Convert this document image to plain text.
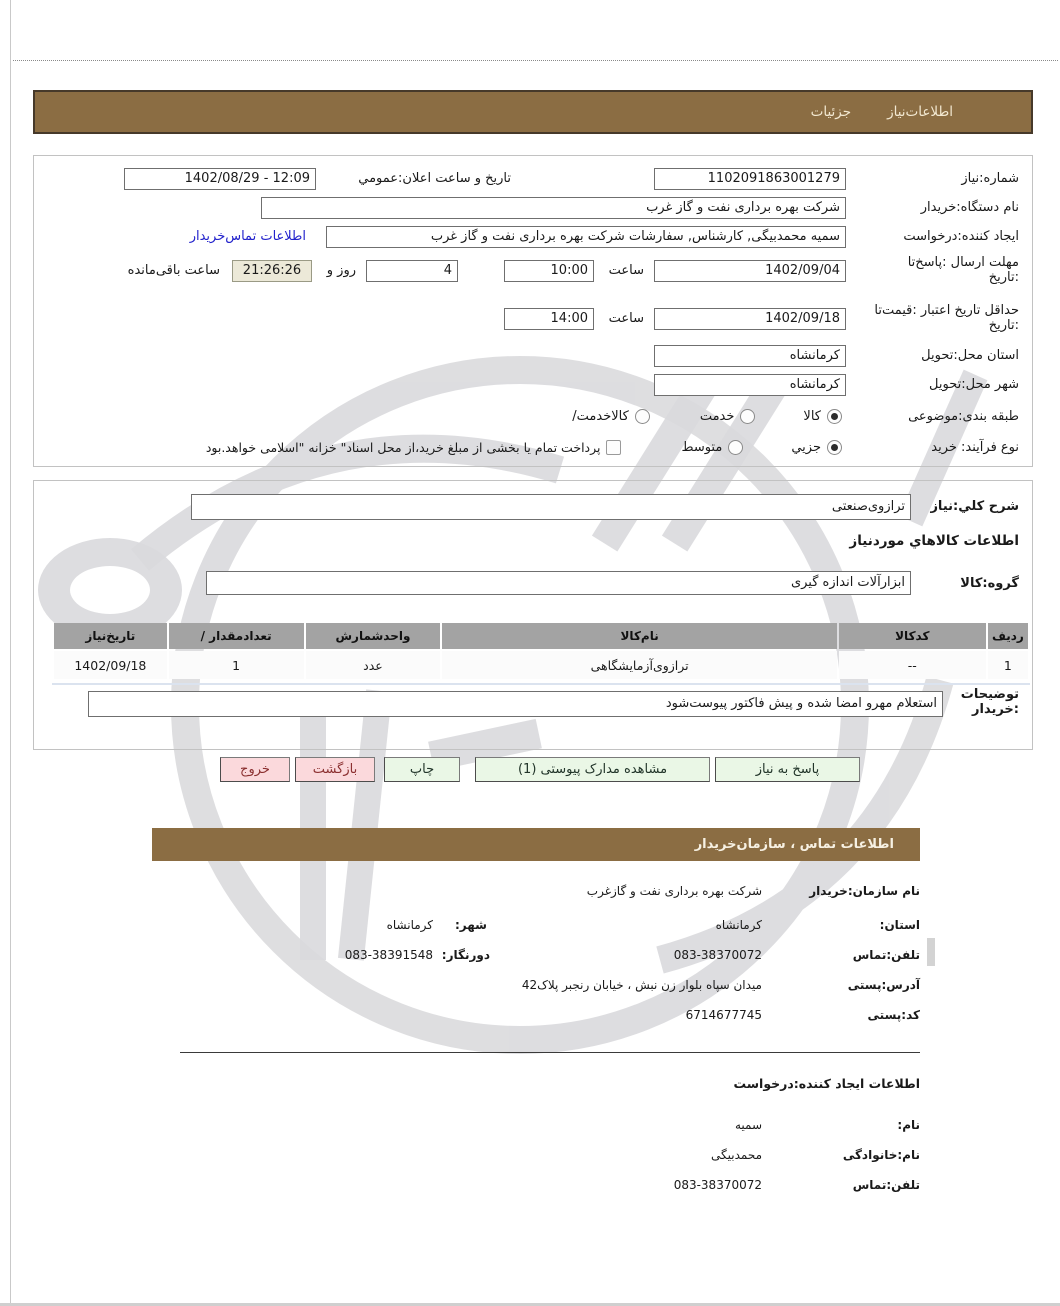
اطلاعات‌نیاز
جزئیات
شماره:نیاز
1102091863001279
تاریخ و ساعت اعلان:عمومي
12:09 - 1402/08/29
نام دستگاه:خریدار
شرکت بهره برداری نفت و گاز غرب
ایجاد کننده:درخواست
سمیه محمدبیگی, کارشناس, سفارشات شرکت بهره برداری نفت و گاز غرب
اطلاعات تماس‌خریدار
مهلت ارسال :پاسخ‌تا
:تاریخ
1402/09/04
ساعت
10:00
4
روز و
21:26:26
ساعت باقی‌مانده
حداقل تاریخ اعتبار :قیمت‌تا
:تاریخ
1402/09/18
ساعت
14:00
استان محل:تحویل
کرمانشاه
شهر محل:تحویل
کرمانشاه
طبقه بندی:موضوعی
کالا
خدمت
کالاخدمت/
نوع فرآیند: خرید
جزیي
متوسط
پرداخت تمام یا بخشی از مبلغ خرید،از محل اسناد" خزانه "اسلامی خواهد.بود
شرح کلي:نیاز
ترازوی‌صنعتی
اطلاعات کالاهاي موردنیاز
گروه:کالا
ابزارآلات اندازه گیری
ردیف	کدکالا	نام‌کالا	واحدشمارش	تعدادمقدار /	تاریخ‌نیاز
1	--	ترازوی‌آزمایشگاهی	عدد	1	1402/09/18
توضیحات
:خریدار
استعلام مهرو امضا شده و پیش فاکتور پیوست‌شود
پاسخ به نیاز
مشاهده مدارک پیوستی (1)
چاپ
بازگشت
خروج
اطلاعات تماس ، سازمان‌خریدار
نام سازمان:خریدار
شرکت بهره برداری نفت و گازغرب
استان:
کرمانشاه
شهر:
کرمانشاه
تلفن:تماس
083-38370072
دورنگار:
083-38391548
آدرس:پستی
میدان سپاه بلوار زن نبش ، خیابان رنجبر پلاک42
کد:پستی
6714677745
اطلاعات ایجاد کننده:درخواست
نام:
سمیه
نام:خانوادگی
محمدبیگی
تلفن:تماس
083-38370072
